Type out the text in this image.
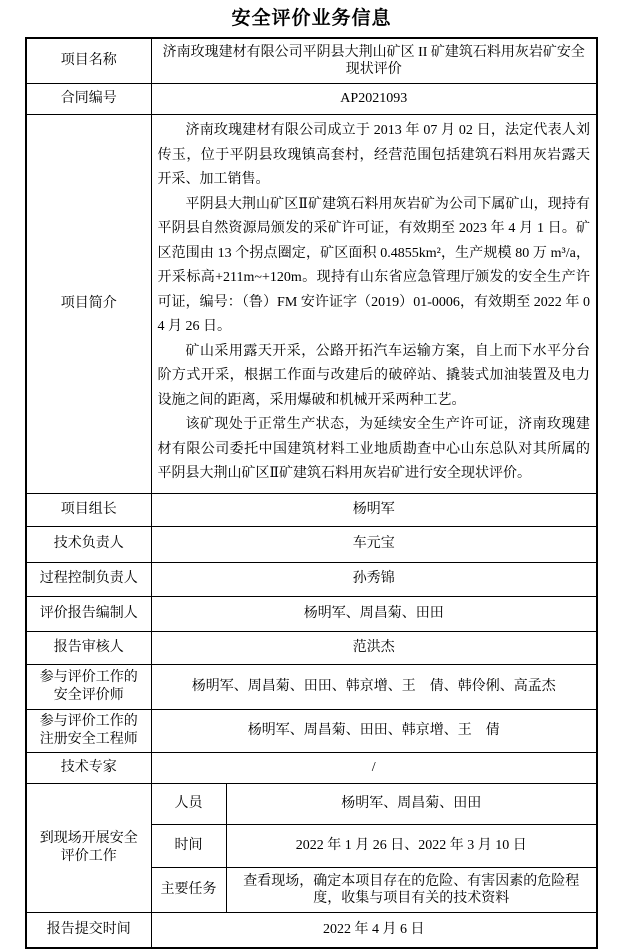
安全评价业务信息
项目名称	济南玫瑰建材有限公司平阴县大荆山矿区 II 矿建筑石料用灰岩矿安全现状评价	
合同编号	AP2021093	
项目简介	济南玫瑰建材有限公司成立于 2013 年 07 月 02 日，法定代表人刘传玉，位于平阴县玫瑰镇高套村，经营范围包括建筑石料用灰岩露天开采、加工销售。

平阴县大荆山矿区Ⅱ矿建筑石料用灰岩矿为公司下属矿山，现持有平阴县自然资源局颁发的采矿许可证，有效期至 2023 年 4 月 1 日。矿区范围由 13 个拐点圈定，矿区面积 0.4855km²，生产规模 80 万 m³/a，开采标高+211m~+120m。现持有山东省应急管理厅颁发的安全生产许可证，编号：（鲁）FM 安许证字（2019）01-0006，有效期至 2022 年 04 月 26 日。

矿山采用露天开采，公路开拓汽车运输方案，自上而下水平分台阶方式开采，根据工作面与改建后的破碎站、撬装式加油装置及电力设施之间的距离，采用爆破和机械开采两种工艺。

该矿现处于正常生产状态，为延续安全生产许可证，济南玫瑰建材有限公司委托中国建筑材料工业地质勘查中心山东总队对其所属的平阴县大荆山矿区Ⅱ矿建筑石料用灰岩矿进行安全现状评价。	

项目组长	杨明军	
技术负责人	车元宝	
过程控制负责人	孙秀锦	
评价报告编制人	杨明军、周昌菊、田田	
报告审核人	范洪杰	
参与评价工作的安全评价师	杨明军、周昌菊、田田、韩京增、王　倩、韩伶俐、高孟杰	
参与评价工作的注册安全工程师	杨明军、周昌菊、田田、韩京增、王　倩	
技术专家	/	
到现场开展安全评价工作	人员	杨明军、周昌菊、田田
	时间	2022 年 1 月 26 日、2022 年 3 月 10 日
	主要任务	查看现场，确定本项目存在的危险、有害因素的危险程度，收集与项目有关的技术资料
报告提交时间	2022 年 4 月 6 日	
